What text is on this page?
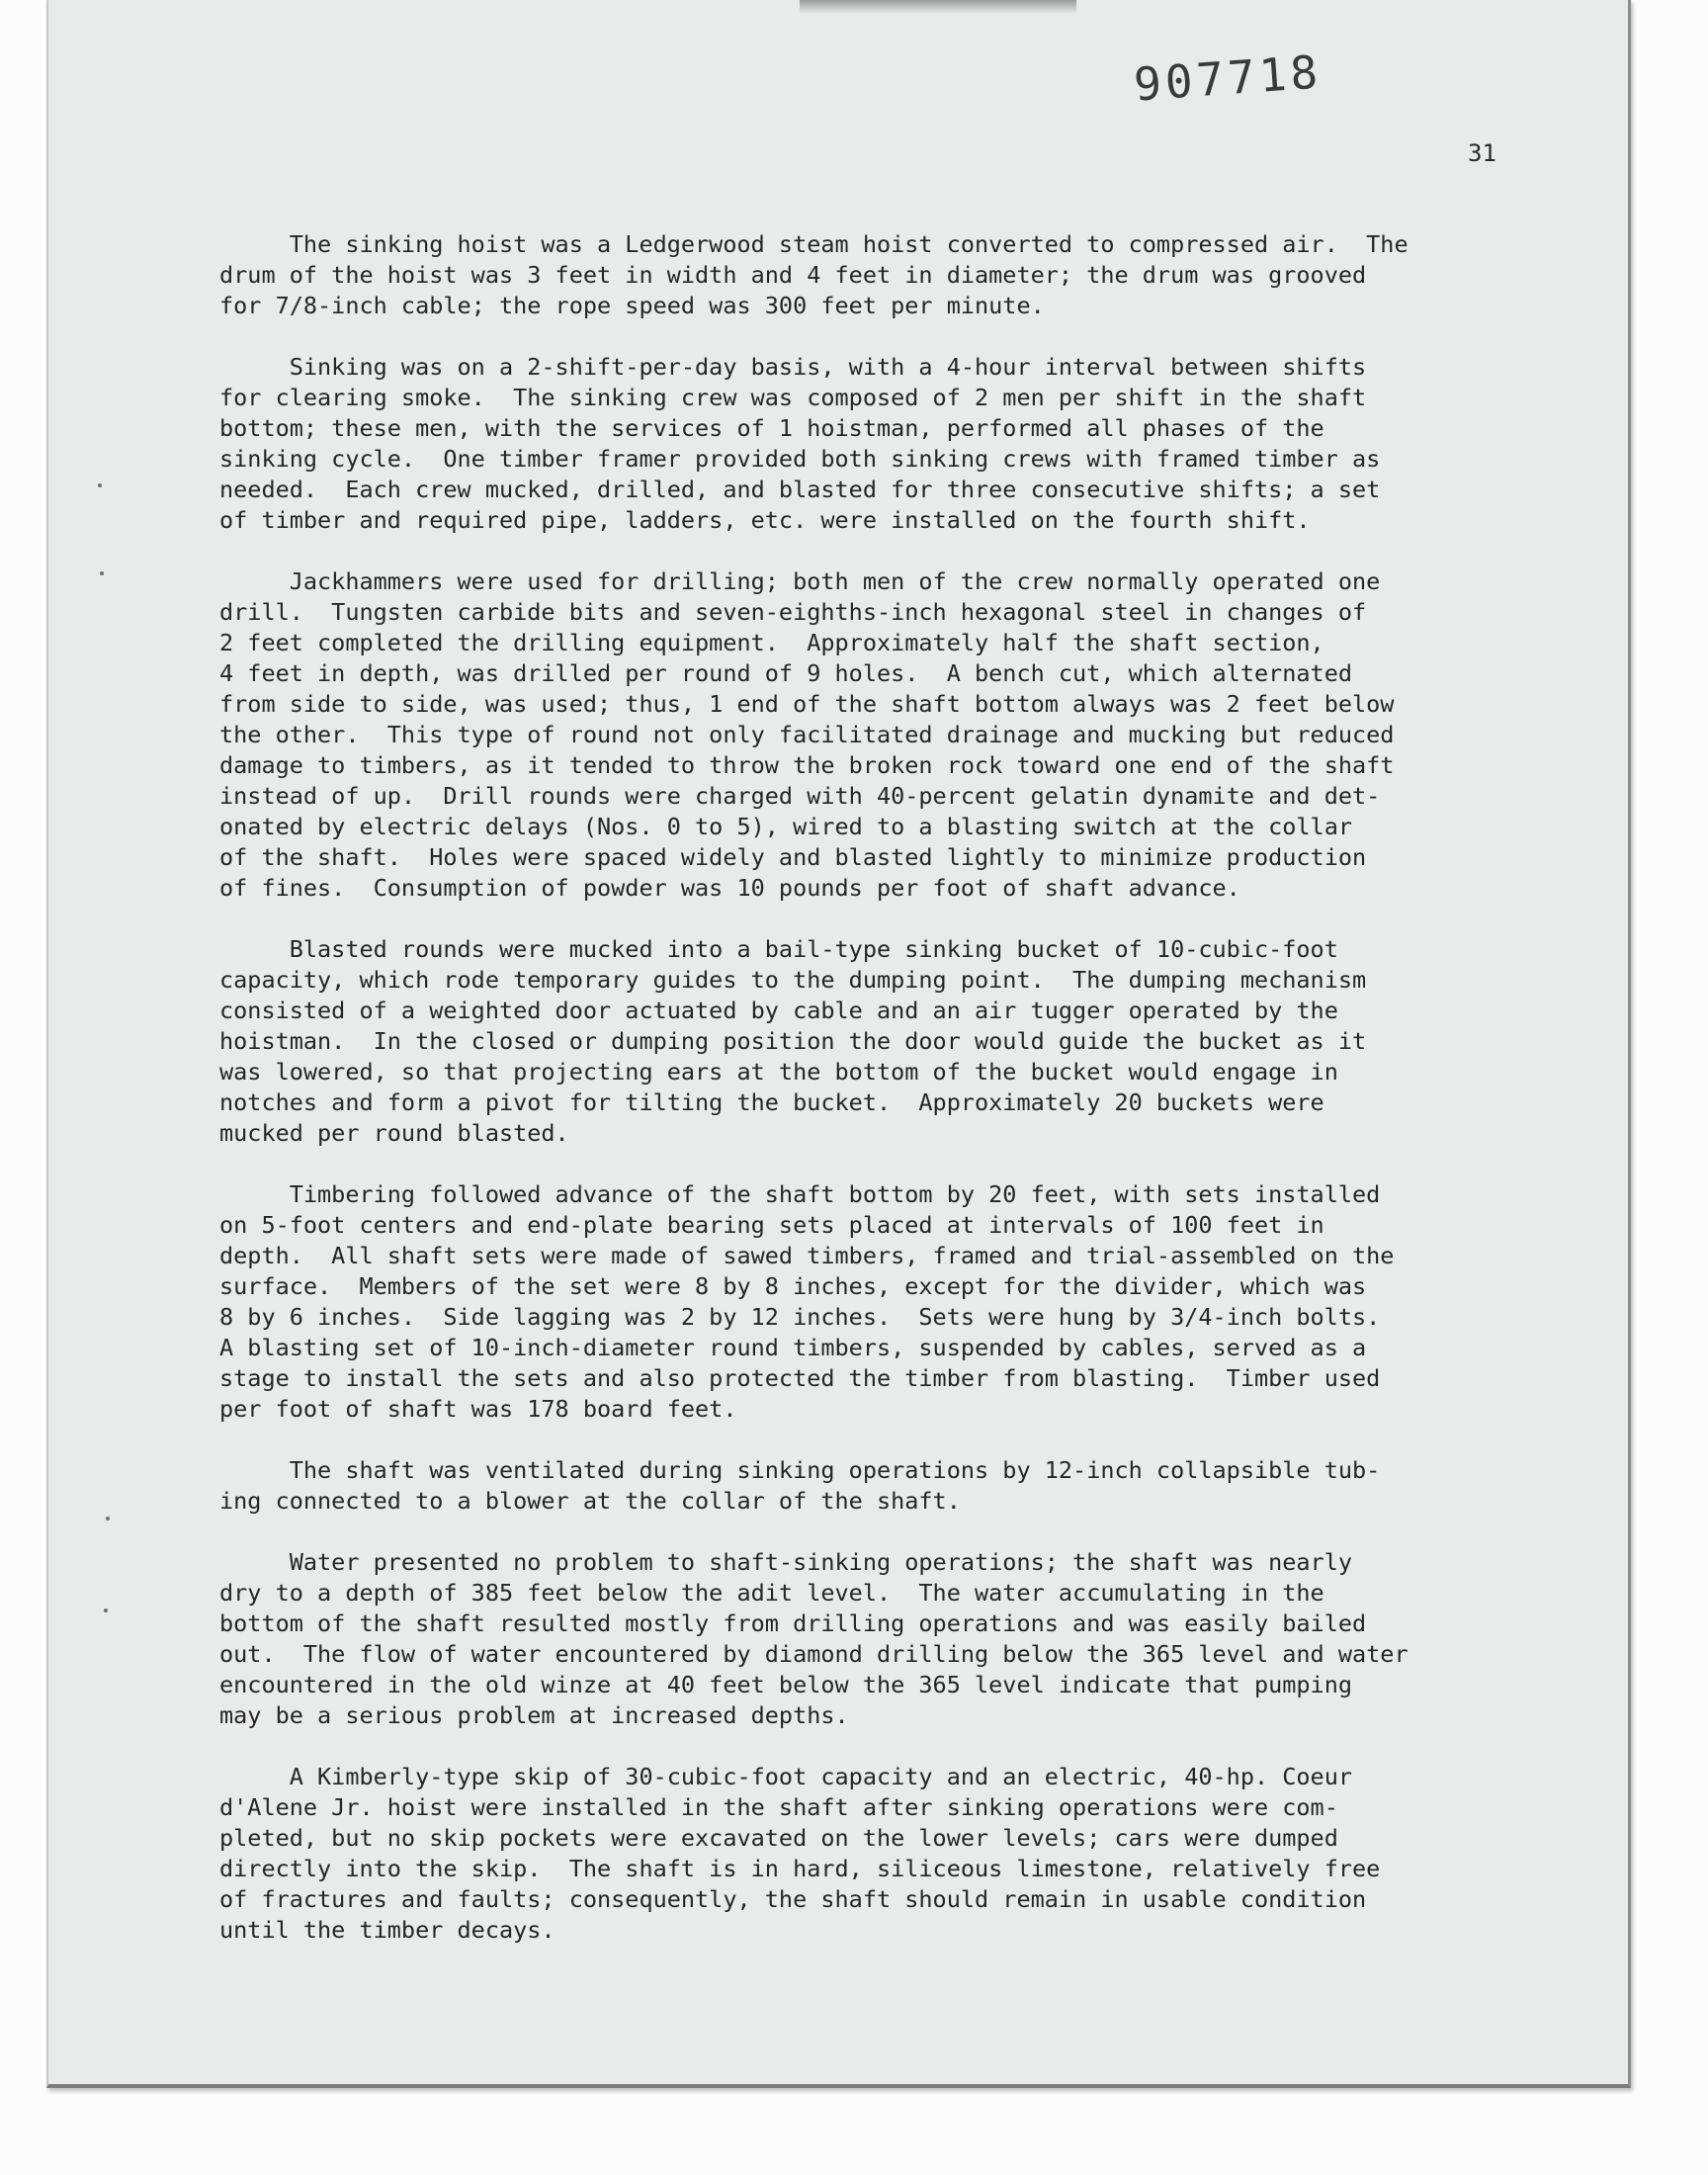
907718
31
The sinking hoist was a Ledgerwood steam hoist converted to compressed air.  The
drum of the hoist was 3 feet in width and 4 feet in diameter; the drum was grooved
for 7/8-inch cable; the rope speed was 300 feet per minute.
Sinking was on a 2-shift-per-day basis, with a 4-hour interval between shifts
for clearing smoke.  The sinking crew was composed of 2 men per shift in the shaft
bottom; these men, with the services of 1 hoistman, performed all phases of the
sinking cycle.  One timber framer provided both sinking crews with framed timber as
needed.  Each crew mucked, drilled, and blasted for three consecutive shifts; a set
of timber and required pipe, ladders, etc. were installed on the fourth shift.
Jackhammers were used for drilling; both men of the crew normally operated one
drill.  Tungsten carbide bits and seven-eighths-inch hexagonal steel in changes of
2 feet completed the drilling equipment.  Approximately half the shaft section,
4 feet in depth, was drilled per round of 9 holes.  A bench cut, which alternated
from side to side, was used; thus, 1 end of the shaft bottom always was 2 feet below
the other.  This type of round not only facilitated drainage and mucking but reduced
damage to timbers, as it tended to throw the broken rock toward one end of the shaft
instead of up.  Drill rounds were charged with 40-percent gelatin dynamite and det-
onated by electric delays (Nos. 0 to 5), wired to a blasting switch at the collar
of the shaft.  Holes were spaced widely and blasted lightly to minimize production
of fines.  Consumption of powder was 10 pounds per foot of shaft advance.
Blasted rounds were mucked into a bail-type sinking bucket of 10-cubic-foot
capacity, which rode temporary guides to the dumping point.  The dumping mechanism
consisted of a weighted door actuated by cable and an air tugger operated by the
hoistman.  In the closed or dumping position the door would guide the bucket as it
was lowered, so that projecting ears at the bottom of the bucket would engage in
notches and form a pivot for tilting the bucket.  Approximately 20 buckets were
mucked per round blasted.
Timbering followed advance of the shaft bottom by 20 feet, with sets installed
on 5-foot centers and end-plate bearing sets placed at intervals of 100 feet in
depth.  All shaft sets were made of sawed timbers, framed and trial-assembled on the
surface.  Members of the set were 8 by 8 inches, except for the divider, which was
8 by 6 inches.  Side lagging was 2 by 12 inches.  Sets were hung by 3/4-inch bolts.
A blasting set of 10-inch-diameter round timbers, suspended by cables, served as a
stage to install the sets and also protected the timber from blasting.  Timber used
per foot of shaft was 178 board feet.
The shaft was ventilated during sinking operations by 12-inch collapsible tub-
ing connected to a blower at the collar of the shaft.
Water presented no problem to shaft-sinking operations; the shaft was nearly
dry to a depth of 385 feet below the adit level.  The water accumulating in the
bottom of the shaft resulted mostly from drilling operations and was easily bailed
out.  The flow of water encountered by diamond drilling below the 365 level and water
encountered in the old winze at 40 feet below the 365 level indicate that pumping
may be a serious problem at increased depths.
A Kimberly-type skip of 30-cubic-foot capacity and an electric, 40-hp. Coeur
d'Alene Jr. hoist were installed in the shaft after sinking operations were com-
pleted, but no skip pockets were excavated on the lower levels; cars were dumped
directly into the skip.  The shaft is in hard, siliceous limestone, relatively free
of fractures and faults; consequently, the shaft should remain in usable condition
until the timber decays.
